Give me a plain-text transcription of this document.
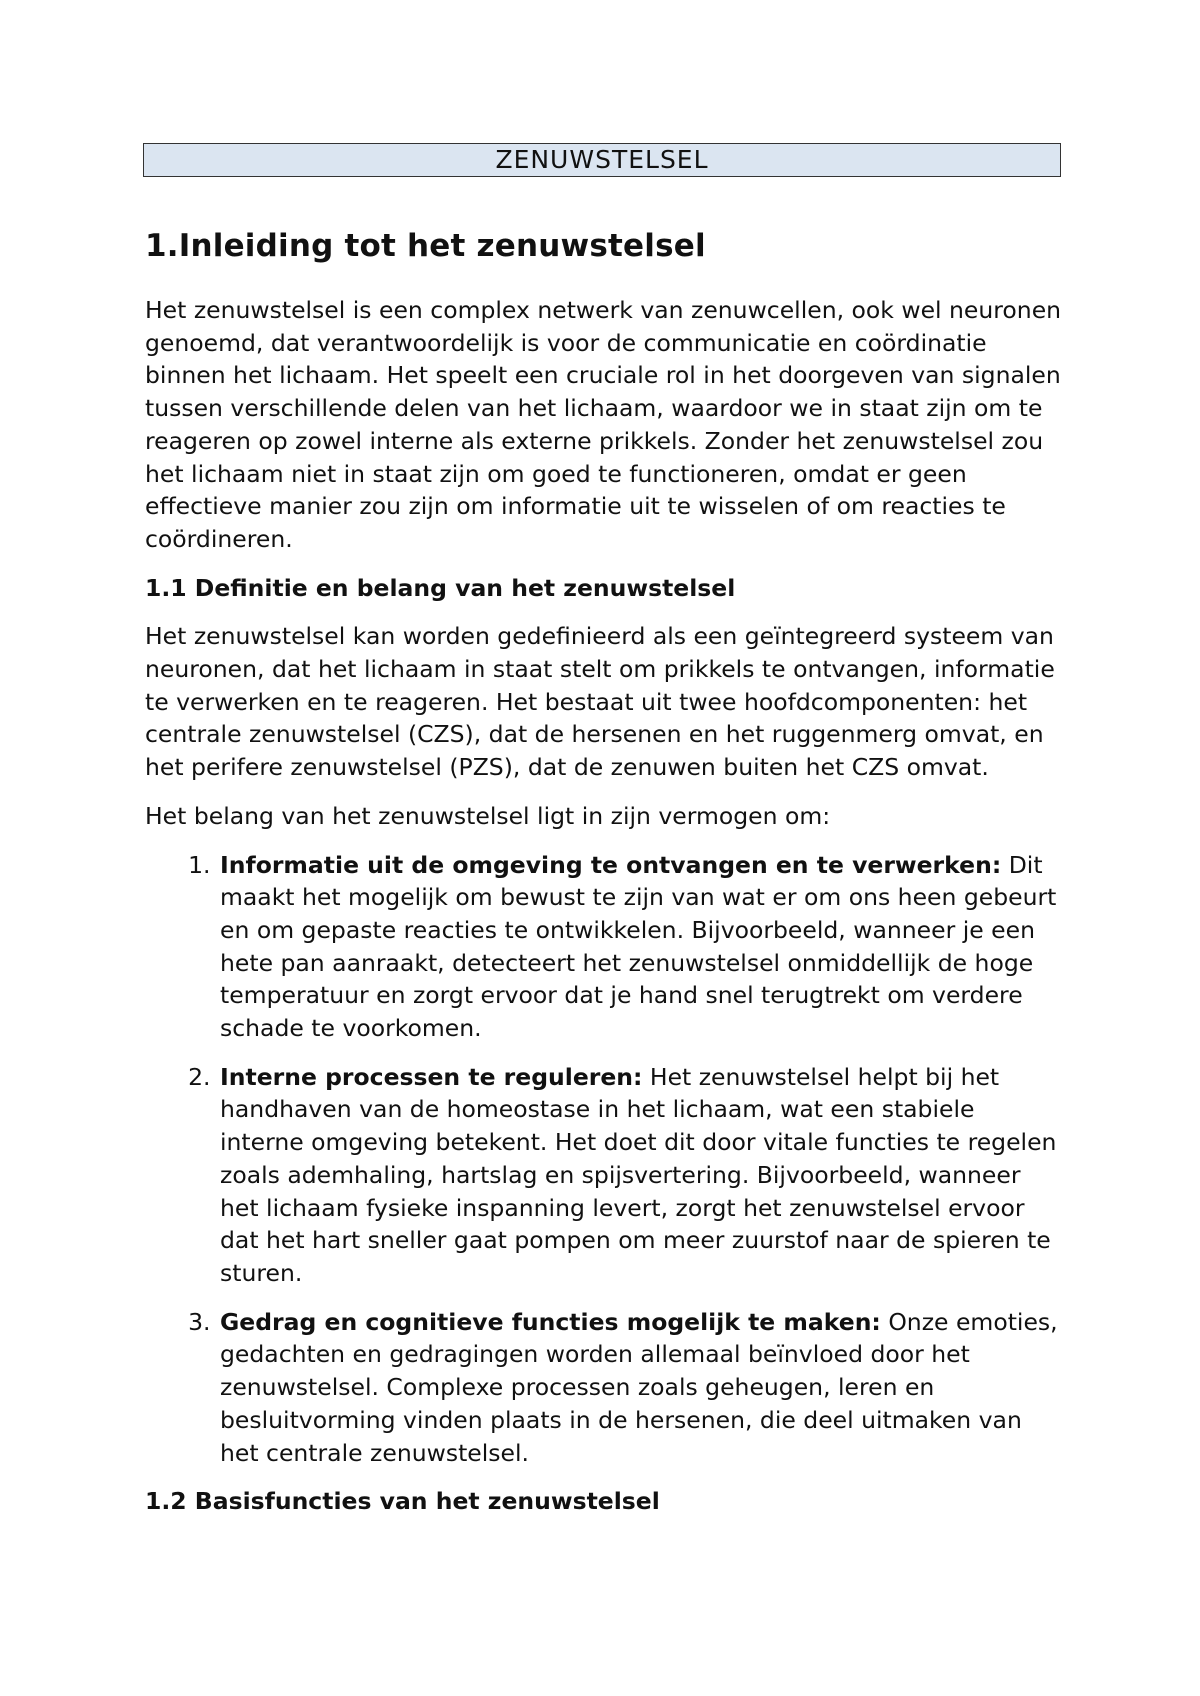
ZENUWSTELSEL
1.Inleiding tot het zenuwstelsel

Het zenuwstelsel is een complex netwerk van zenuwcellen, ook wel neuronen genoemd, dat verantwoordelijk is voor de communicatie en coördinatie binnen het lichaam. Het speelt een cruciale rol in het doorgeven van signalen tussen verschillende delen van het lichaam, waardoor we in staat zijn om te reageren op zowel interne als externe prikkels. Zonder het zenuwstelsel zou het lichaam niet in staat zijn om goed te functioneren, omdat er geen effectieve manier zou zijn om informatie uit te wisselen of om reacties te coördineren.

1.1 Definitie en belang van het zenuwstelsel

Het zenuwstelsel kan worden gedefinieerd als een geïntegreerd systeem van neuronen, dat het lichaam in staat stelt om prikkels te ontvangen, informatie te verwerken en te reageren. Het bestaat uit twee hoofdcomponenten: het centrale zenuwstelsel (CZS), dat de hersenen en het ruggenmerg omvat, en het perifere zenuwstelsel (PZS), dat de zenuwen buiten het CZS omvat.

Het belang van het zenuwstelsel ligt in zijn vermogen om:

1. Informatie uit de omgeving te ontvangen en te verwerken: Dit maakt het mogelijk om bewust te zijn van wat er om ons heen gebeurt en om gepaste reacties te ontwikkelen. Bijvoorbeeld, wanneer je een hete pan aanraakt, detecteert het zenuwstelsel onmiddellijk de hoge temperatuur en zorgt ervoor dat je hand snel terugtrekt om verdere schade te voorkomen.
2. Interne processen te reguleren: Het zenuwstelsel helpt bij het handhaven van de homeostase in het lichaam, wat een stabiele interne omgeving betekent. Het doet dit door vitale functies te regelen zoals ademhaling, hartslag en spijsvertering. Bijvoorbeeld, wanneer het lichaam fysieke inspanning levert, zorgt het zenuwstelsel ervoor dat het hart sneller gaat pompen om meer zuurstof naar de spieren te sturen.
3. Gedrag en cognitieve functies mogelijk te maken: Onze emoties, gedachten en gedragingen worden allemaal beïnvloed door het zenuwstelsel. Complexe processen zoals geheugen, leren en besluitvorming vinden plaats in de hersenen, die deel uitmaken van het centrale zenuwstelsel.
1.2 Basisfuncties van het zenuwstelsel
